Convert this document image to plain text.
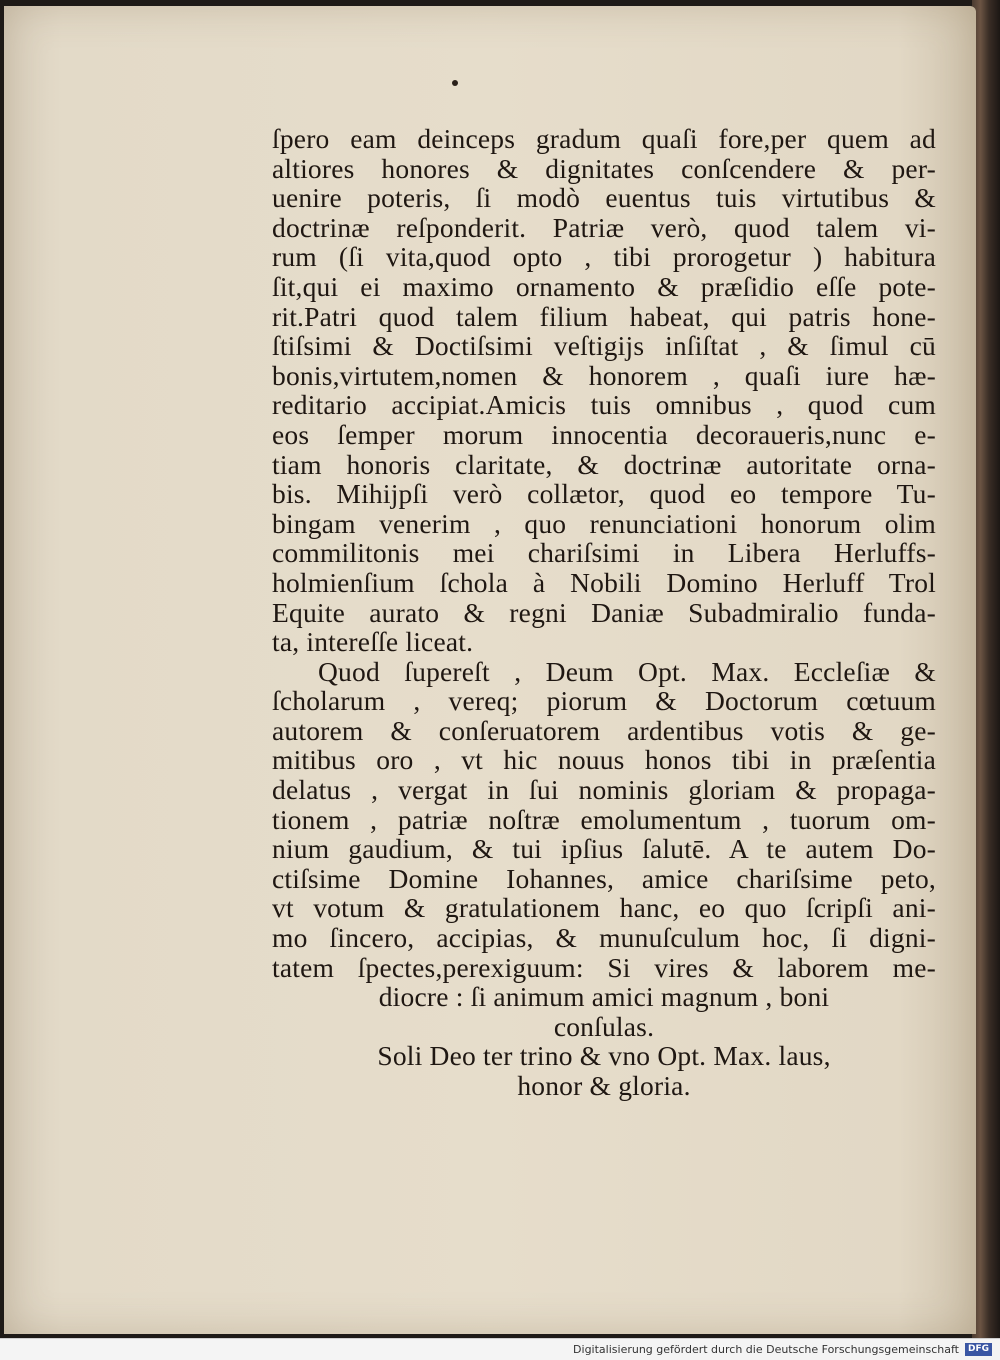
ſpero eam deinceps gradum quaſi fore,per quem ad
altiores honores & dignitates conſcendere & per-
uenire poteris, ſi modò euentus tuis virtutibus &
doctrinæ reſponderit. Patriæ verò, quod talem vi-
rum (ſi vita,quod opto , tibi prorogetur ) habitura
ſit,qui ei maximo ornamento & præſidio eſſe pote-
rit.Patri quod talem filium habeat, qui patris hone-
ſtiſsimi & Doctiſsimi veſtigijs inſiſtat , & ſimul cū
bonis,virtutem,nomen & honorem , quaſi iure hæ-
reditario accipiat.Amicis tuis omnibus , quod cum
eos ſemper morum innocentia decoraueris,nunc e-
tiam honoris claritate, & doctrinæ autoritate orna-
bis. Mihijpſi verò collætor, quod eo tempore Tu-
bingam venerim , quo renunciationi honorum olim
commilitonis mei chariſsimi in Libera Herluffs-
holmienſium ſchola à Nobili Domino Herluff Trol
Equite aurato & regni Daniæ Subadmiralio funda-
ta, intereſſe liceat.
Quod ſupereſt , Deum Opt. Max. Eccleſiæ &
ſcholarum , vereq; piorum & Doctorum cœtuum
autorem & conſeruatorem ardentibus votis & ge-
mitibus oro , vt hic nouus honos tibi in præſentia
delatus , vergat in ſui nominis gloriam & propaga-
tionem , patriæ noſtræ emolumentum , tuorum om-
nium gaudium, & tui ipſius ſalutē. A te autem Do-
ctiſsime Domine Iohannes, amice chariſsime peto,
vt votum & gratulationem hanc, eo quo ſcripſi ani-
mo ſincero, accipias, & munuſculum hoc, ſi digni-
tatem ſpectes,perexiguum: Si vires & laborem me-
diocre : ſi animum amici magnum , boni
conſulas.
Soli Deo ter trino & vno Opt. Max. laus,
honor & gloria.
Digitalisierung gefördert durch die Deutsche Forschungsgemeinschaft	DFG
